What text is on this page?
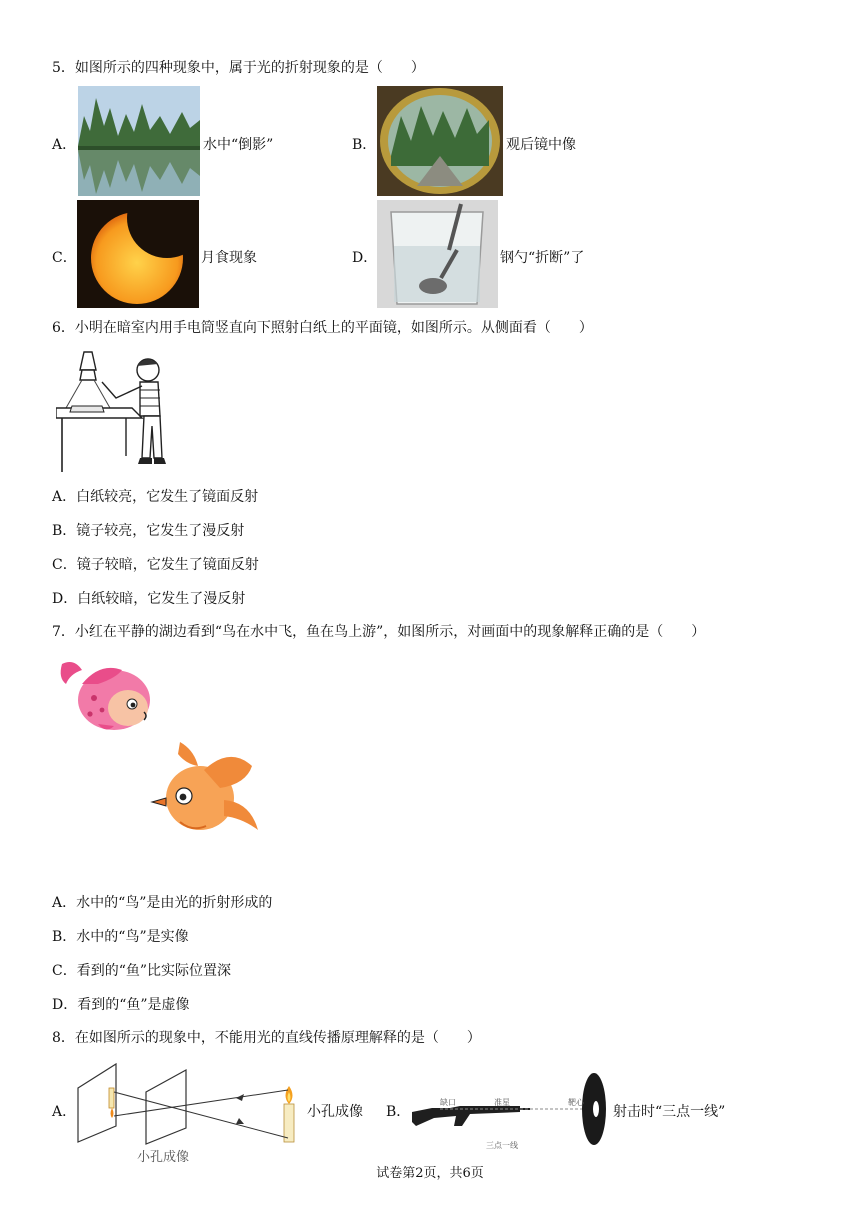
5．如图所示的四种现象中，属于光的折射现象的是（　　）
A．	水中“倒影”	B．	观后镜中像
C．	月食现象	D．	钢勺“折断”了
6．小明在暗室内用手电筒竖直向下照射白纸上的平面镜，如图所示。从侧面看（　　）
A．白纸较亮，它发生了镜面反射
B．镜子较亮，它发生了漫反射
C．镜子较暗，它发生了镜面反射
D．白纸较暗，它发生了漫反射
7．小红在平静的湖边看到“鸟在水中飞，鱼在鸟上游”，如图所示，对画面中的现象解释正确的是（　　）
A．水中的“鸟”是由光的折射形成的
B．水中的“鸟”是实像
C．看到的“鱼”比实际位置深
D．看到的“鱼”是虚像
8．在如图所示的现象中，不能用光的直线传播原理解释的是（　　）
A．
小孔成像
小孔成像 B．
缺口	准星	靶心
三点一线
射击时“三点一线”
试卷第2页，共6页
